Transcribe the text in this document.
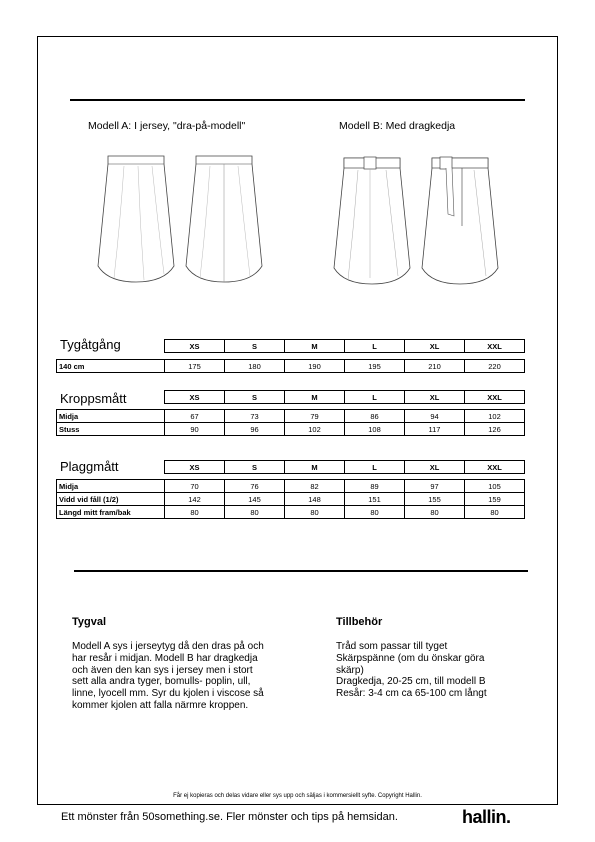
Modell A: I jersey, "dra-på-modell"	Modell B: Med dragkedja
Tygåtgång
		XS	S	M	L	XL	XXL

140 cm	175	180	190	195	210	220
Kroppsmått
		XS	S	M	L	XL	XXL

Midja	67	73	79	86	94	102
Stuss	90	96	102	108	117	126
Plaggmått
		XS	S	M	L	XL	XXL

Midja	70	76	82	89	97	105
Vidd vid fåll (1/2)	142	145	148	151	155	159
Längd mitt fram/bak	80	80	80	80	80	80
Tygval
Modell A sys i jerseytyg då den dras på och
har resår i midjan. Modell B har dragkedja
och även den kan sys i jersey men i stort
sett alla andra tyger, bomulls- poplin, ull,
linne, lyocell mm. Syr du kjolen i viscose så
kommer kjolen att falla närmre kroppen.
Tillbehör
Tråd som passar till tyget
Skärpspänne (om du önskar göra
skärp)
Dragkedja, 20-25 cm, till modell B
Resår: 3-4 cm ca 65-100 cm långt
Får ej kopieras och delas vidare eller sys upp och säljas i kommersiellt syfte. Copyright Hallin.
Ett mönster från 50something.se. Fler mönster och tips på hemsidan.	hallin.
